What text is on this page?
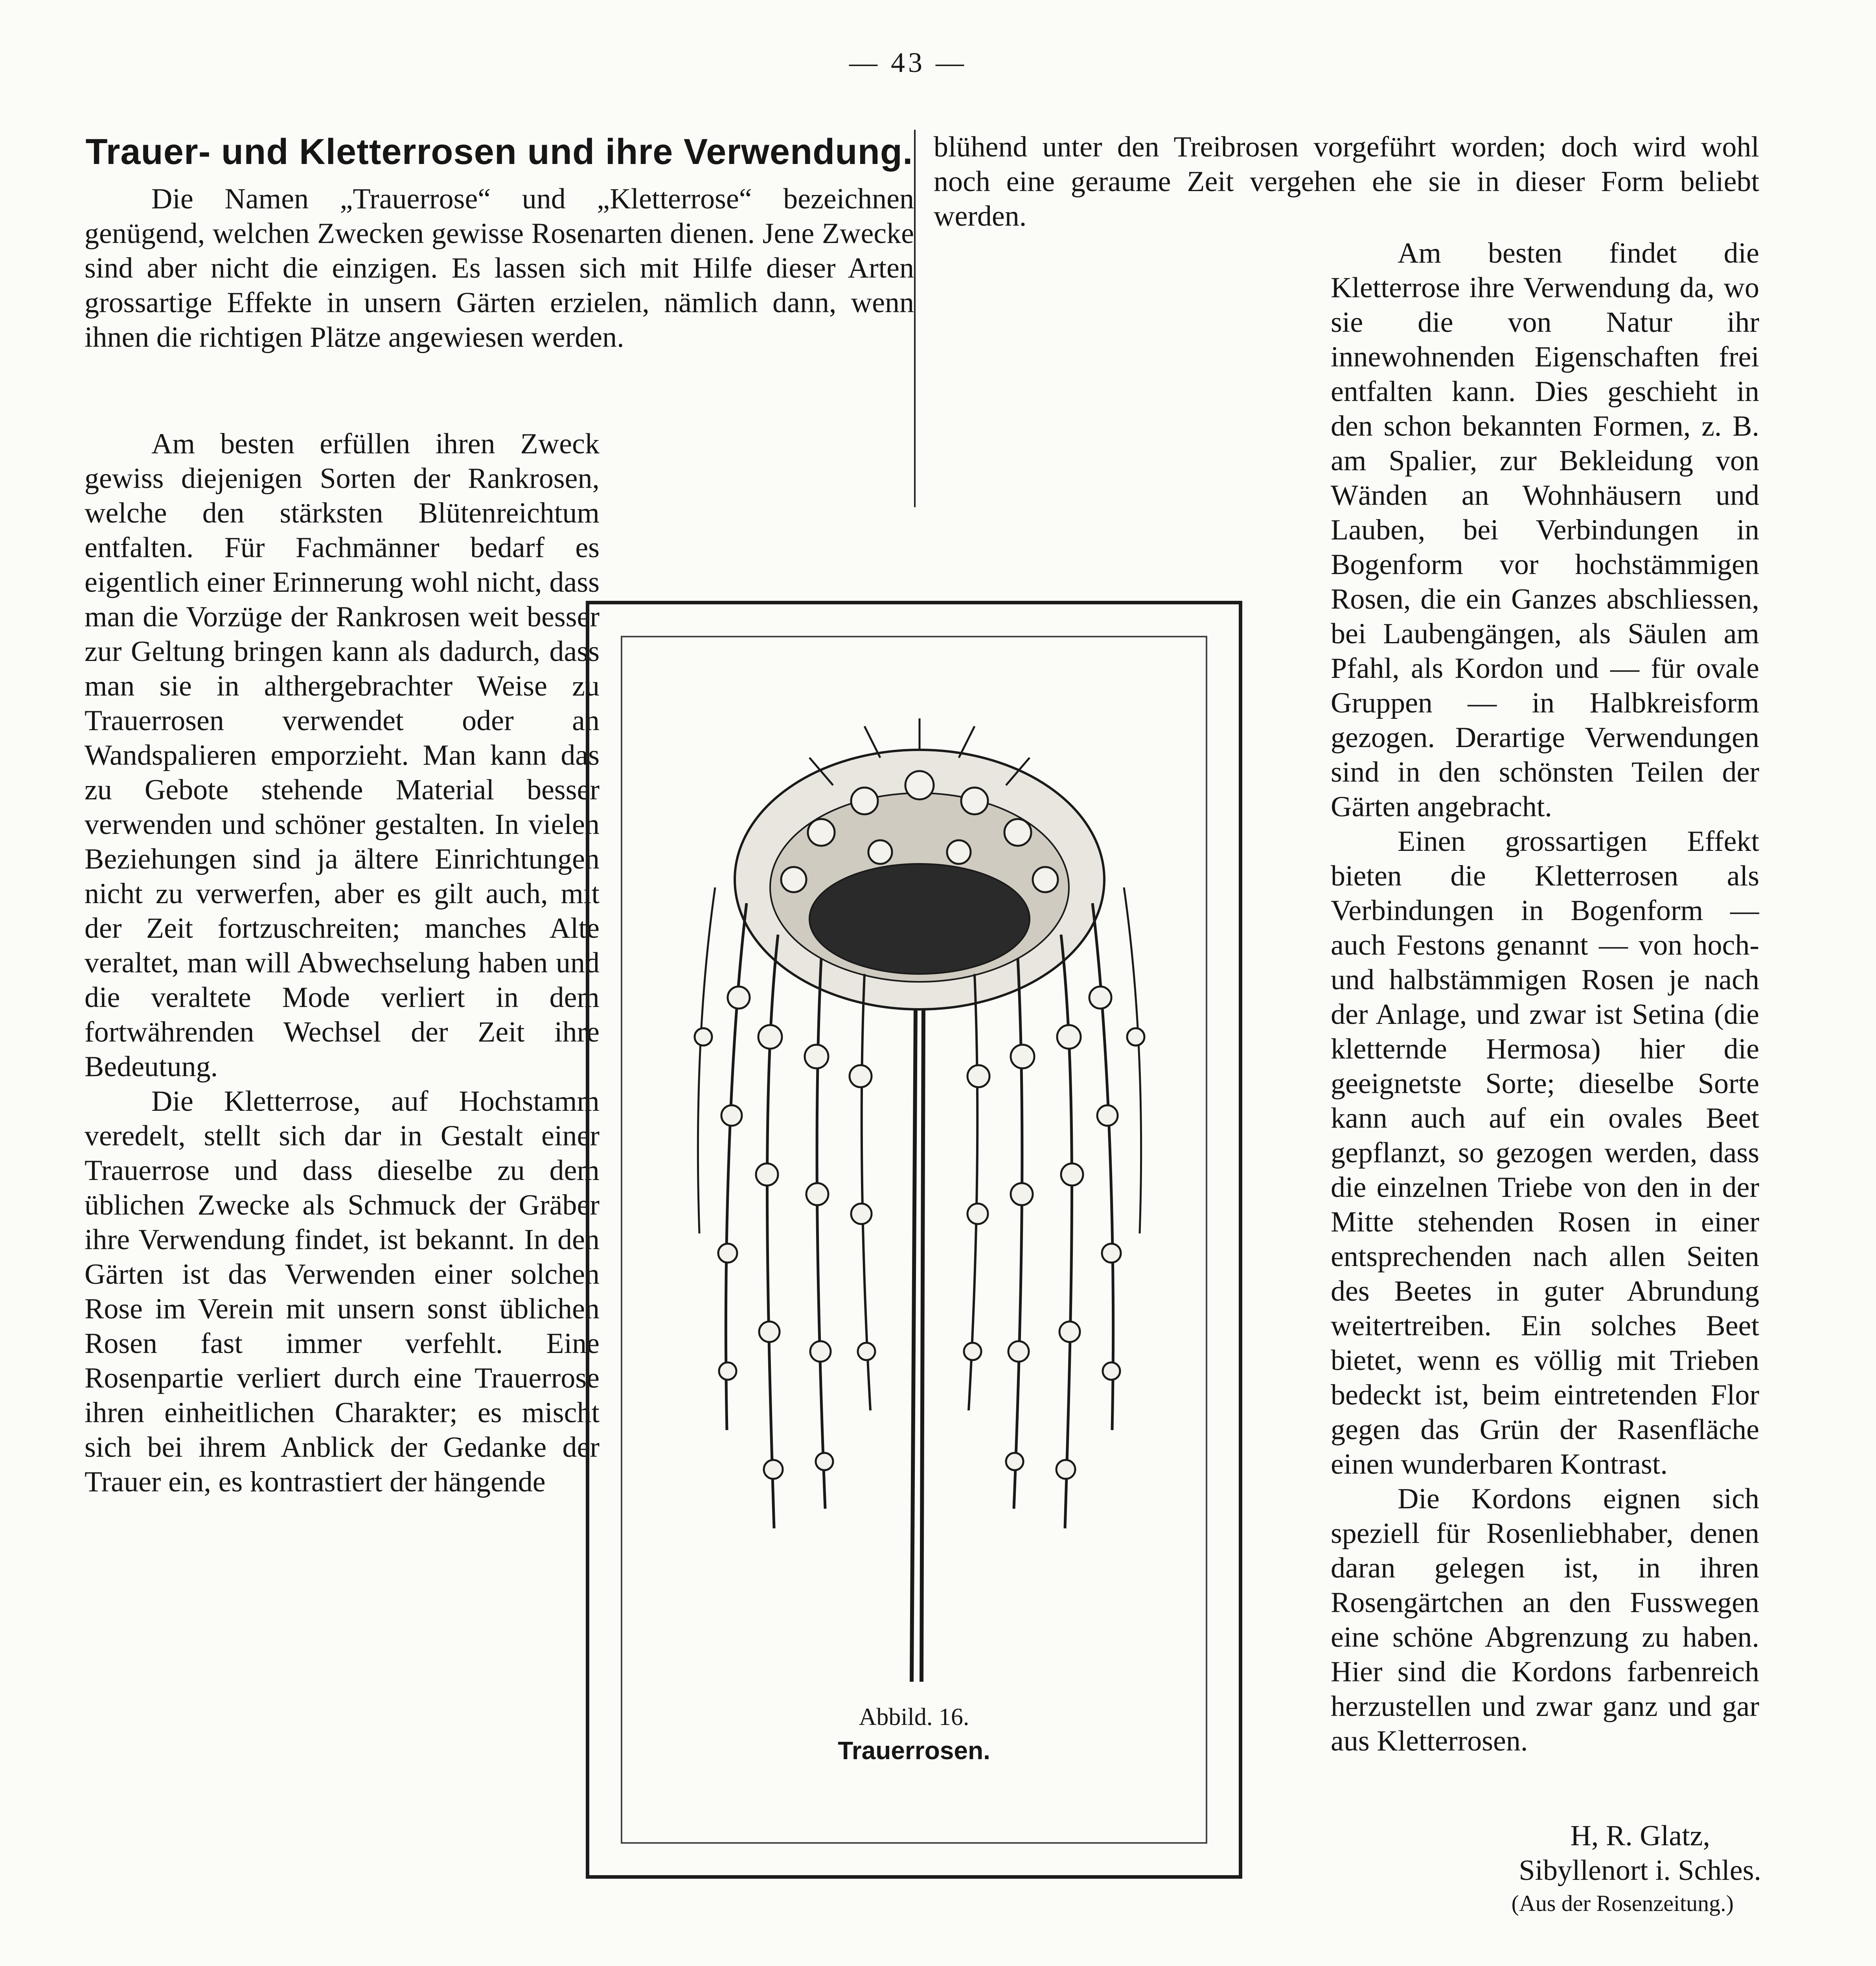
— 43 —
Trauer- und Kletterrosen und ihre Verwendung.

Die Namen „Trauerrose“ und „Kletterrose“ bezeichnen genügend, welchen Zwecken gewisse Rosenarten dienen. Jene Zwecke sind aber nicht die einzigen. Es lassen sich mit Hilfe dieser Arten grossartige Effekte in unsern Gärten erzielen, nämlich dann, wenn ihnen die richtigen Plätze angewiesen werden.

Am besten erfüllen ihren Zweck gewiss diejenigen Sorten der Rankrosen, welche den stärksten Blütenreichtum entfalten. Für Fachmänner bedarf es eigentlich einer Erinnerung wohl nicht, dass man die Vorzüge der Rankrosen weit besser zur Geltung bringen kann als dadurch, dass man sie in althergebrachter Weise zu Trauerrosen verwendet oder an Wandspalieren emporzieht. Man kann das zu Gebote stehende Material besser verwenden und schöner gestalten. In vielen Beziehungen sind ja ältere Einrichtungen nicht zu verwerfen, aber es gilt auch, mit der Zeit fortzuschreiten; manches Alte veraltet, man will Abwechselung haben und die veraltete Mode verliert in dem fortwährenden Wechsel der Zeit ihre Bedeutung.

Die Kletterrose, auf Hochstamm veredelt, stellt sich dar in Gestalt einer Trauerrose und dass dieselbe zu dem üblichen Zwecke als Schmuck der Gräber ihre Verwendung findet, ist bekannt. In den Gärten ist das Verwenden einer solchen Rose im Verein mit unsern sonst üblichen Rosen fast immer verfehlt. Eine Rosenpartie verliert durch eine Trauerrose ihren einheitlichen Charakter; es mischt sich bei ihrem Anblick der Gedanke der Trauer ein, es kontrastiert der hängende

blühend unter den Treibrosen vorgeführt worden; doch wird wohl noch eine geraume Zeit vergehen ehe sie in dieser Form beliebt werden.

Am besten findet die Kletterrose ihre Verwendung da, wo sie die von Natur ihr innewohnenden Eigenschaften frei entfalten kann. Dies geschieht in den schon bekannten Formen, z. B. am Spalier, zur Bekleidung von Wänden an Wohnhäusern und Lauben, bei Verbindungen in Bogenform vor hochstämmigen Rosen, die ein Ganzes abschliessen, bei Laubengängen, als Säulen am Pfahl, als Kordon und — für ovale Gruppen — in Halbkreisform gezogen. Derartige Verwendungen sind in den schönsten Teilen der Gärten angebracht.

Einen grossartigen Effekt bieten die Kletterrosen als Verbindungen in Bogenform — auch Festons genannt — von hoch- und halbstämmigen Rosen je nach der Anlage, und zwar ist Setina (die kletternde Hermosa) hier die geeignetste Sorte; dieselbe Sorte kann auch auf ein ovales Beet gepflanzt, so gezogen werden, dass die einzelnen Triebe von den in der Mitte stehenden Rosen in einer entsprechenden nach allen Seiten des Beetes in guter Abrundung weitertreiben. Ein solches Beet bietet, wenn es völlig mit Trieben bedeckt ist, beim eintretenden Flor gegen das Grün der Rasenfläche einen wunderbaren Kontrast.

Die Kordons eignen sich speziell für Rosenliebhaber, denen daran gelegen ist, in ihren Rosengärtchen an den Fusswegen eine schöne Abgrenzung zu haben. Hier sind die Kordons farbenreich herzustellen und zwar ganz und gar aus Kletterrosen.

H, R. Glatz,
Sibyllenort i. Schles.
(Aus der Rosenzeitung.)
Abbild. 16.
Trauerrosen.
